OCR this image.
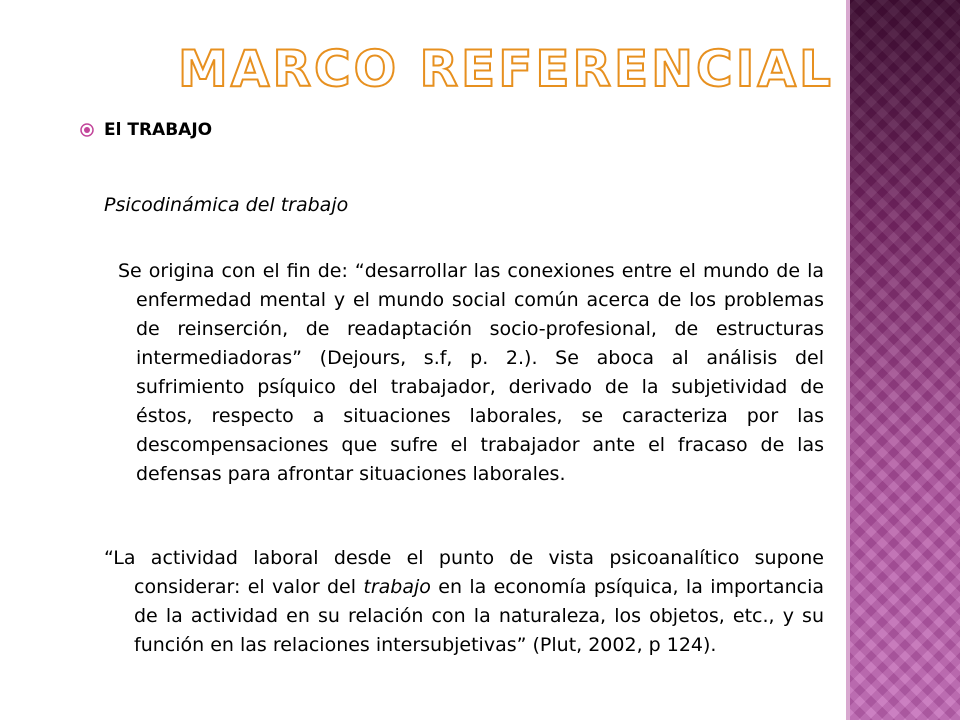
MARCO REFERENCIAL
El TRABAJO
Psicodinámica del trabajo
Se origina con el fin de: “desarrollar las conexiones entre el mundo de la enfermedad mental y el mundo social común acerca de los problemas de reinserción, de readaptación socio-profesional, de estructuras intermediadoras” (Dejours, s.f, p. 2.). Se aboca al análisis del sufrimiento psíquico del trabajador, derivado de la subjetividad de éstos, respecto a situaciones laborales, se caracteriza por las descompensaciones que sufre el trabajador ante el fracaso de las defensas para afrontar situaciones laborales.
“La actividad laboral desde el punto de vista psicoanalítico supone considerar: el valor del trabajo en la economía psíquica, la importancia de la actividad en su relación con la naturaleza, los objetos, etc., y su función en las relaciones intersubjetivas” (Plut, 2002, p 124).
